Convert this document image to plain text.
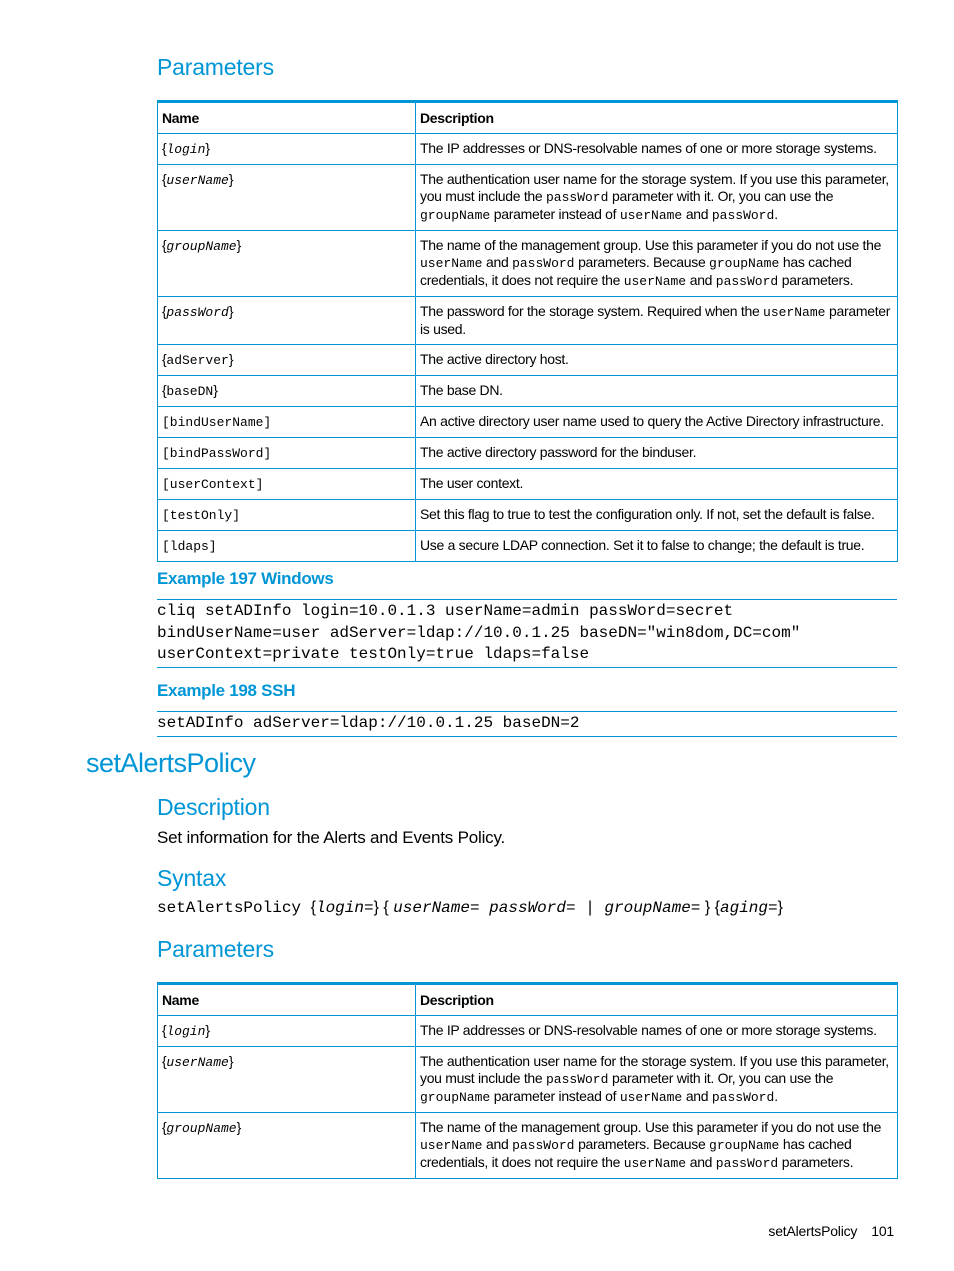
Parameters
Name	Description
{login}	The IP addresses or DNS-resolvable names of one or more storage systems.
{userName}	The authentication user name for the storage system. If you use this parameter, you must include the passWord parameter with it. Or, you can use the groupName parameter instead of userName and passWord.
{groupName}	The name of the management group. Use this parameter if you do not use the userName and passWord parameters. Because groupName has cached credentials, it does not require the userName and passWord parameters.
{passWord}	The password for the storage system. Required when the userName parameter is used.
{adServer}	The active directory host.
{baseDN}	The base DN.
[bindUserName]	An active directory user name used to query the Active Directory infrastructure.
[bindPassWord]	The active directory password for the binduser.
[userContext]	The user context.
[testOnly]	Set this flag to true to test the configuration only. If not, set the default is false.
[ldaps]	Use a secure LDAP connection. Set it to false to change; the default is true.
Example 197 Windows
cliq setADInfo login=10.0.1.3 userName=admin passWord=secret
bindUserName=user adServer=ldap://10.0.1.25 baseDN="win8dom,DC=com"
userContext=private testOnly=true ldaps=false
Example 198 SSH
setADInfo adServer=ldap://10.0.1.25 baseDN=2
setAlertsPolicy
Description

Set information for the Alerts and Events Policy.

Syntax

setAlertsPolicy {login=} { userName= passWord= | groupName= } {aging=}

Parameters
Name	Description
{login}	The IP addresses or DNS-resolvable names of one or more storage systems.
{userName}	The authentication user name for the storage system. If you use this parameter, you must include the passWord parameter with it. Or, you can use the groupName parameter instead of userName and passWord.
{groupName}	The name of the management group. Use this parameter if you do not use the userName and passWord parameters. Because groupName has cached credentials, it does not require the userName and passWord parameters.
setAlertsPolicy 101
